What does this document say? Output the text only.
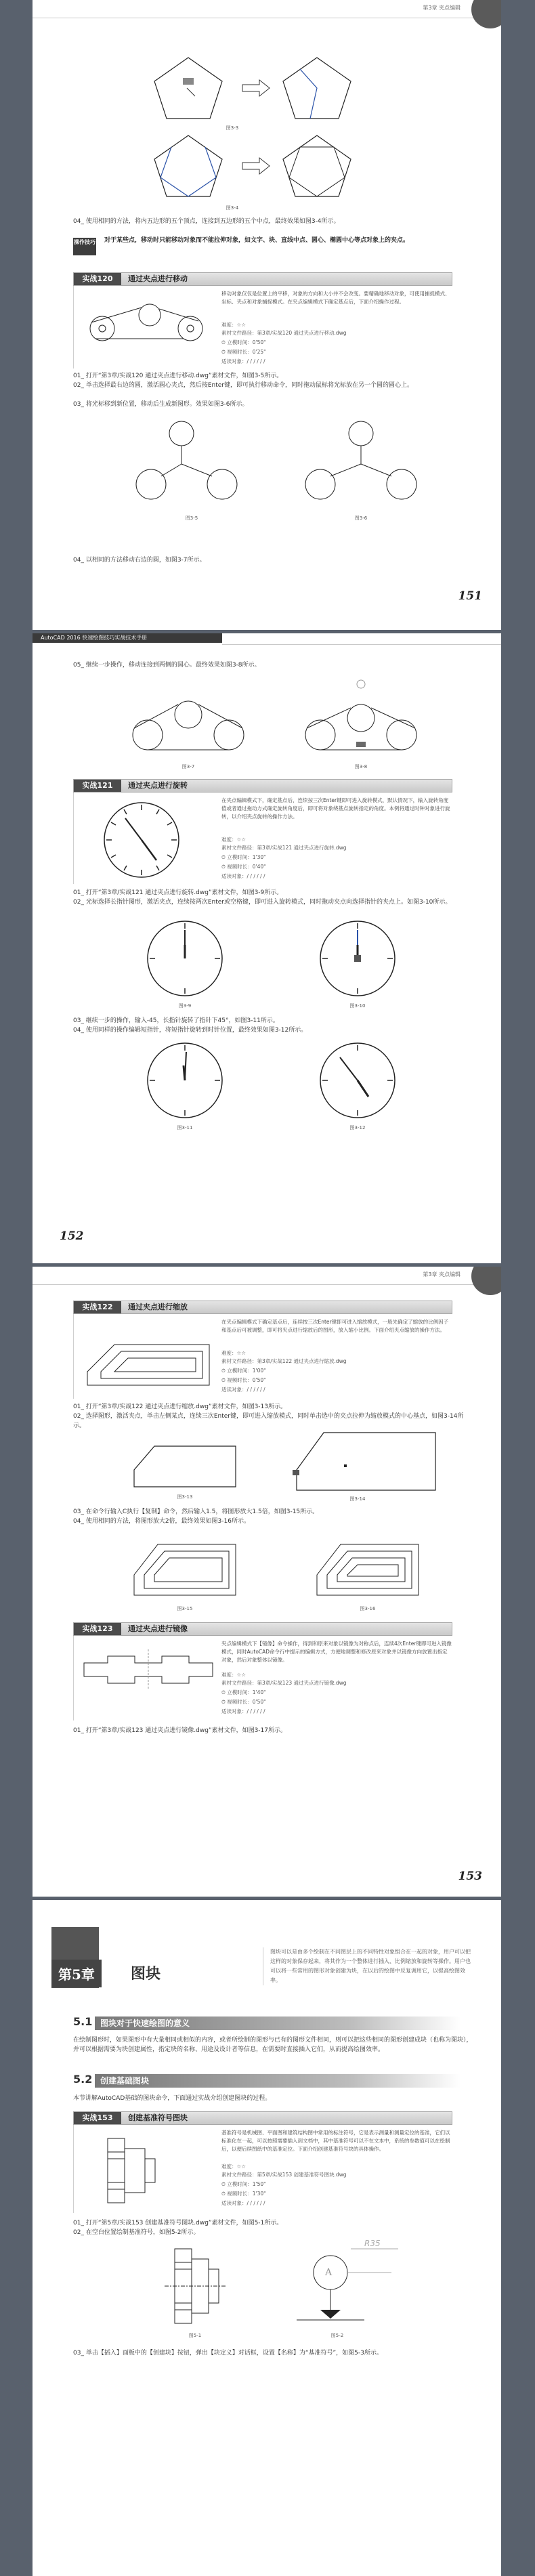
第3章 夹点编辑
图3-3
图3-4
04_ 使用相同的方法，将内五边形的五个顶点，连接到五边形的五个中点，最终效果如图3-4所示。
操作技巧 对于某些点，移动时只能移动对象而不能拉伸对象，如文字、块、直线中点、圆心、椭圆中心等点对象上的夹点。
实战120	通过夹点进行移动
移动对象仅仅是位置上的平移，对象的方向和大小并不会改变。要精确地移动对象，可使用捕捉模式、坐标、夹点和对象捕捉模式。在夹点编辑模式下确定基点后，下面介绍操作过程。
难度：☆☆
素材文件路径：第3章/实战120 通过夹点进行移动.dwg
⏱ 立模时间：0'50"
⏱ 视频时长：0'25"
适读对象：/ / / / / /
01_ 打开“第3章/实战120 通过夹点进行移动.dwg”素材文件，如图3-5所示。
02_ 单击选择最右边的圆，激活圆心夹点，然后按Enter键，即可执行移动命令，同时拖动鼠标将光标放在另一个圆的圆心上。
03_ 将光标移到新位置，移动后生成新图形。效果如图3-6所示。
图3-5	图3-6
04_ 以相同的方法移动右边的圆，如图3-7所示。
151
AutoCAD 2016 快速绘图技巧实战技术手册
05_ 继续一步操作，移动连接到两侧的圆心。最终效果如图3-8所示。
图3-7	图3-8
实战121	通过夹点进行旋转
在夹点编辑模式下，确定基点后，连续按三次Enter键即可进入旋转模式，默认情况下，输入旋转角度值或者通过拖动方式确定旋转角度后，即可将对象绕基点旋转指定的角度。本例将通过时钟对象进行旋转，以介绍夹点旋转的操作方法。
难度：☆☆
素材文件路径：第3章/实战121 通过夹点进行旋转.dwg
⏱ 立模时间：1'30"
⏱ 视频时长：0'40"
适读对象：/ / / / / /
01_ 打开“第3章/实战121 通过夹点进行旋转.dwg”素材文件，如图3-9所示。
02_ 光标选择长指针图形，激活夹点，连续按两次Enter或空格键，即可进入旋转模式，同时拖动夹点向选择指针的夹点上。如图3-10所示。
图3-9	图3-10
03_ 继续一步的操作，输入-45，长指针旋转了指针下45°，如图3-11所示。
04_ 使用同样的操作编辑短指针，将短指针旋转到时针位置，最终效果如图3-12所示。
图3-11	图3-12
152
第3章 夹点编辑
实战122	通过夹点进行缩放
在夹点编辑模式下确定基点后，连续按三次Enter键即可进入缩放模式，一般先确定了缩放的比例因子和基点后可被调整，即可将夹点进行缩放后的图形，放入缩小比例。下面介绍夹点缩放的操作方法。
难度：☆☆
素材文件路径：第3章/实战122 通过夹点进行缩放.dwg
⏱ 立模时间：1'00"
⏱ 视频时长：0'50"
适读对象：/ / / / / /
01_ 打开“第3章/实战122 通过夹点进行缩放.dwg”素材文件，如图3-13所示。
02_ 选择图形，激活夹点，单击左侧某点，连续三次Enter键，即可进入缩放模式，同时单击选中的夹点拉伸为缩放模式的中心基点，如图3-14所示。
图3-13	图3-14
03_ 在命令行输入C执行【复制】命令，然后输入1.5，将图形放大1.5倍，如图3-15所示。
04_ 使用相同的方法，将图形放大2倍，最终效果如图3-16所示。
图3-15	图3-16
实战123	通过夹点进行镜像
夹点编辑模式下【镜像】命令操作，得到和原来对象以镜像为对称点后，连续4次Enter键即可进入镜像模式，同时AutoCAD命令行中提示的编辑方式，方便地调整和修改原来对象并以镜像方向放置出指定对象，然后对象整体以镜像。
难度：☆☆
素材文件路径：第3章/实战123 通过夹点进行镜像.dwg
⏱ 立模时间：1'40"
⏱ 视频时长：0'50"
适读对象：/ / / / / /
01_ 打开“第3章/实战123 通过夹点进行镜像.dwg”素材文件，如图3-17所示。
153
第5章	图块
图块可以是由多个绘制在不同图层上的不同特性对象组合在一起的对象，用户可以把这样的对象保存起来，将其作为一个整体进行插入、比例缩放和旋转等操作。用户也可以将一些常用的图形对象创建为块，在以后的绘图中反复调用它，以提高绘图效率。
5.1 图块对于快速绘图的意义
在绘制图形时，如果图形中有大量相同或相似的内容，或者所绘制的图形与已有的图形文件相同，则可以把这些相同的图形创建成块（也称为图块），并可以根据需要为块创建属性，指定块的名称、用途及设计者等信息，在需要时直接插入它们，从而提高绘图效率。
5.2 创建基础图块
本节讲解AutoCAD基础的图块命令，下面通过实战介绍创建图块的过程。
实战153	创建基准符号图块
基准符号是机械图、平面图和建筑结构图中常用的标注符号，它是表示测量和测量定位的基准，它们以标准化在一起，可以按照需要插入到文档中，其中基准符号可以不在文本中，系统的参数值可以在绘制后，以便后续图纸中的基准定位。下面介绍创建基准符号块的具体操作。
难度：☆☆
素材文件路径：第5章/实战153 创建基准符号图块.dwg
⏱ 立模时间：1'50"
⏱ 视频时长：1'30"
适读对象：/ / / / / /
01_ 打开“第5章/实战153 创建基准符号图块.dwg”素材文件，如图5-1所示。
02_ 在空白位置绘制基准符号，如图5-2所示。
图5-1
A
R35
图5-2
03_ 单击【插入】面板中的【创建块】按钮，弹出【块定义】对话框，设置【名称】为“基准符号”，如图5-3所示。
